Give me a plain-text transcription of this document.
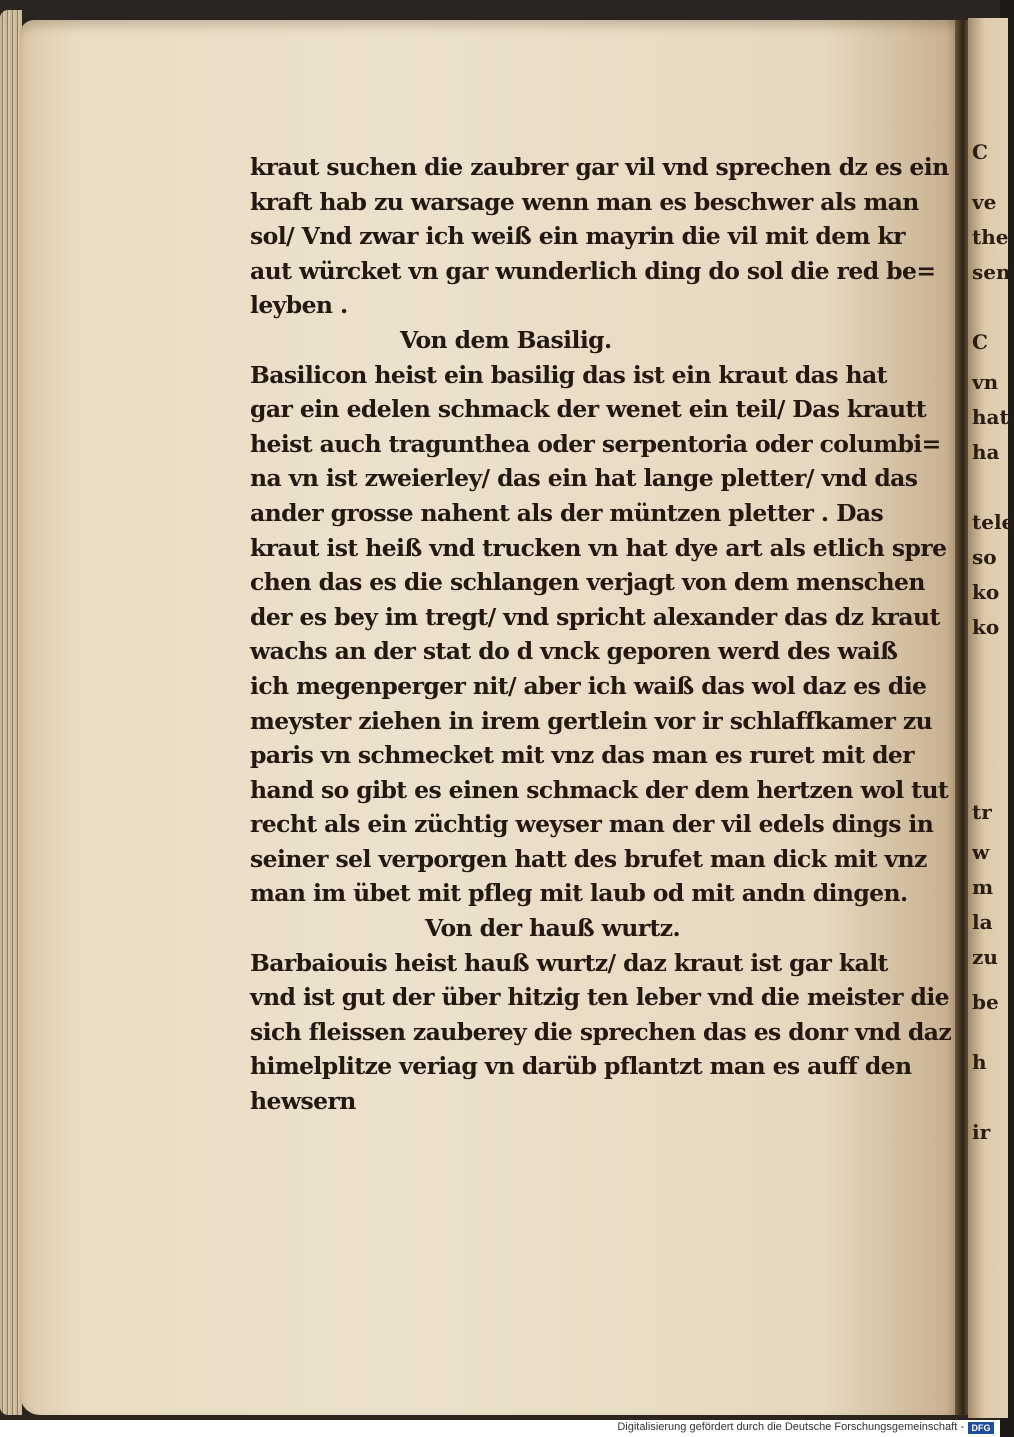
C
ve
the
sen
C
vn
hat
ha
tele
so
ko
ko
tr
w
m
la
zu
be
h
ir
kraut suchen die zaubrer gar vil vnd sprechen dz es ein
kraft hab zu warsage wenn man es beschwer als man
sol/ Vnd zwar ich weiß ein mayrin die vil mit dem kr
aut würcket vn gar wunderlich ding do sol die red be=
leyben .
Von dem Basilig.
Basilicon heist ein basilig das ist ein kraut das hat
gar ein edelen schmack der wenet ein teil/ Das krautt
heist auch tragunthea oder serpentoria oder columbi=
na vn ist zweierley/ das ein hat lange pletter/ vnd das
ander grosse nahent als der müntzen pletter . Das
kraut ist heiß vnd trucken vn hat dye art als etlich spre
chen das es die schlangen verjagt von dem menschen
der es bey im tregt/ vnd spricht alexander das dz kraut
wachs an der stat do d vnck geporen werd des waiß
ich megenperger nit/ aber ich waiß das wol daz es die
meyster ziehen in irem gertlein vor ir schlaffkamer zu
paris vn schmecket mit vnz das man es ruret mit der
hand so gibt es einen schmack der dem hertzen wol tut
recht als ein züchtig weyser man der vil edels dings in
seiner sel verporgen hatt des brufet man dick mit vnz
man im übet mit pfleg mit laub od mit andn dingen.
Von der hauß wurtz.
Barbaiouis heist hauß wurtz/ daz kraut ist gar kalt
vnd ist gut der über hitzig ten leber vnd die meister die
sich fleissen zauberey die sprechen das es donr vnd daz
himelplitze veriag vn darüb pflantzt man es auff den
hewsern
Digitalisierung gefördert durch die Deutsche Forschungsgemeinschaft - DFG
